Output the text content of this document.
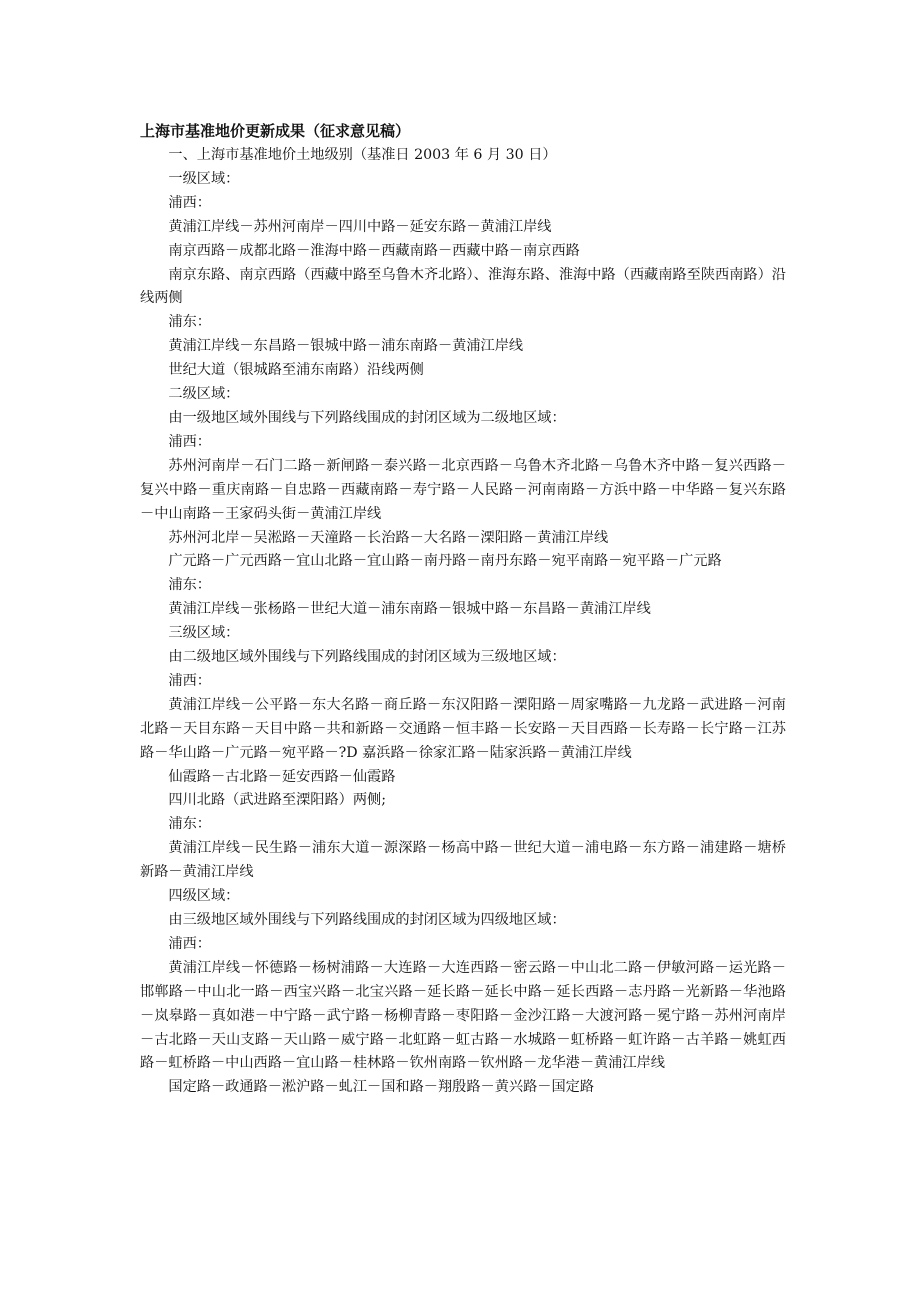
上海市基准地价更新成果（征求意见稿）

一、上海市基准地价土地级别（基准日 2003 年 6 月 30 日）

一级区域：

浦西：

黄浦江岸线－苏州河南岸－四川中路－延安东路－黄浦江岸线

南京西路－成都北路－淮海中路－西藏南路－西藏中路－南京西路

南京东路、南京西路（西藏中路至乌鲁木齐北路）、淮海东路、淮海中路（西藏南路至陕西南路）沿线两侧

浦东：

黄浦江岸线－东昌路－银城中路－浦东南路－黄浦江岸线

世纪大道（银城路至浦东南路）沿线两侧

二级区域：

由一级地区域外围线与下列路线围成的封闭区域为二级地区域：

浦西：

苏州河南岸－石门二路－新闸路－泰兴路－北京西路－乌鲁木齐北路－乌鲁木齐中路－复兴西路－复兴中路－重庆南路－自忠路－西藏南路－寿宁路－人民路－河南南路－方浜中路－中华路－复兴东路－中山南路－王家码头街－黄浦江岸线

苏州河北岸－吴淞路－天潼路－长治路－大名路－溧阳路－黄浦江岸线

广元路－广元西路－宜山北路－宜山路－南丹路－南丹东路－宛平南路－宛平路－广元路

浦东：

黄浦江岸线－张杨路－世纪大道－浦东南路－银城中路－东昌路－黄浦江岸线

三级区域：

由二级地区域外围线与下列路线围成的封闭区域为三级地区域：

浦西：

黄浦江岸线－公平路－东大名路－商丘路－东汉阳路－溧阳路－周家嘴路－九龙路－武进路－河南北路－天目东路－天目中路－共和新路－交通路－恒丰路－长安路－天目西路－长寿路－长宁路－江苏路－华山路－广元路－宛平路－?D 嘉浜路－徐家汇路－陆家浜路－黄浦江岸线

仙霞路－古北路－延安西路－仙霞路

四川北路（武进路至溧阳路）两侧;

浦东：

黄浦江岸线－民生路－浦东大道－源深路－杨高中路－世纪大道－浦电路－东方路－浦建路－塘桥新路－黄浦江岸线

四级区域：

由三级地区域外围线与下列路线围成的封闭区域为四级地区域：

浦西：

黄浦江岸线－怀德路－杨树浦路－大连路－大连西路－密云路－中山北二路－伊敏河路－运光路－邯郸路－中山北一路－西宝兴路－北宝兴路－延长路－延长中路－延长西路－志丹路－光新路－华池路－岚皋路－真如港－中宁路－武宁路－杨柳青路－枣阳路－金沙江路－大渡河路－冕宁路－苏州河南岸－古北路－天山支路－天山路－威宁路－北虹路－虹古路－水城路－虹桥路－虹许路－古羊路－姚虹西路－虹桥路－中山西路－宜山路－桂林路－钦州南路－钦州路－龙华港－黄浦江岸线

国定路－政通路－淞沪路－虬江－国和路－翔殷路－黄兴路－国定路
